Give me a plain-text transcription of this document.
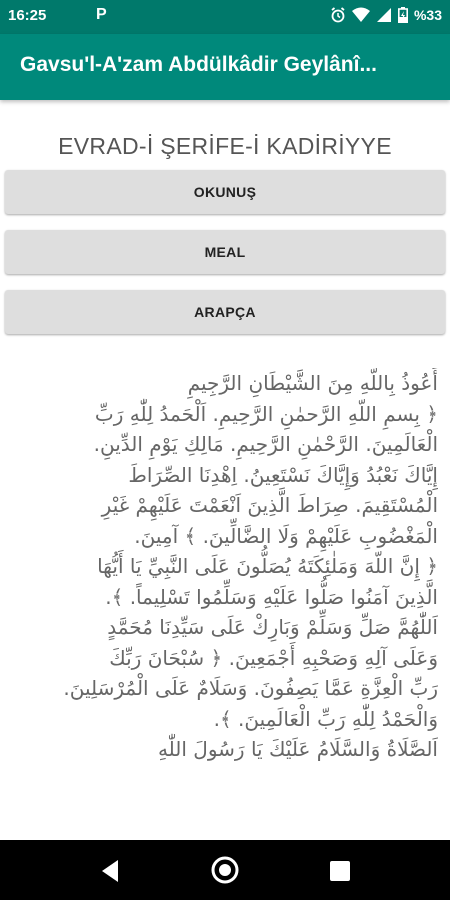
16:25	P	%33
Gavsu'l-A'zam Abdülkâdir Geylânî...
EVRAD-İ ŞERİFE-İ KADİRİYYE
OKUNUŞ
MEAL
ARAPÇA
أَعُوذُ بِاللَّهِ مِنَ الشَّيْطَانِ الرَّجِيمِ
﴿ بِسمِ اللّهِ الرَّحمٰنِ الرَّحِيمِ. اَلْحَمدُ لِلّٰهِ رَبِّ
الْعَالَمِينَ. الرَّحْمٰنِ الرَّحِيمِ. مَالِكِ يَوْمِ الدِّينِ.
إِيَّاكَ نَعْبُدُ وَإِيَّاكَ نَسْتَعِينُ. اِهْدِنَا الصِّرَاطَ
الْمُسْتَقِيمَ. صِرَاطَ الَّذِينَ اَنْعَمْتَ عَلَيْهِمْ غَيْرِ
الْمَغْضُوبِ عَلَيْهِمْ وَلَا الضَّالِّينَ. ﴾ آمِينَ.
﴿ إِنَّ اللّهَ وَمَلٰئِكَتَهُ يُصَلُّونَ عَلَى النَّبِيِّ يَا أَيُّهَا
الَّذِينَ آمَنُوا صَلُّوا عَلَيْهِ وَسَلِّمُوا تَسْلِيماً. ﴾.
اَللّٰهُمَّ صَلِّ وَسَلِّمْ وَبَارِكْ عَلَى سَيِّدِنَا مُحَمَّدٍ
وَعَلَى آلِهِ وَصَحْبِهِ أَجْمَعِينَ. ﴿ سُبْحَانَ رَبِّكَ
رَبِّ الْعِزَّةِ عَمَّا يَصِفُونَ. وَسَلَامٌ عَلَى الْمُرْسَلِينَ.
وَالْحَمْدُ لِلّٰهِ رَبِّ الْعَالَمِينَ. ﴾.
اَلصَّلَاةُ وَالسَّلَامُ عَلَيْكَ يَا رَسُولَ اللّٰهِ
